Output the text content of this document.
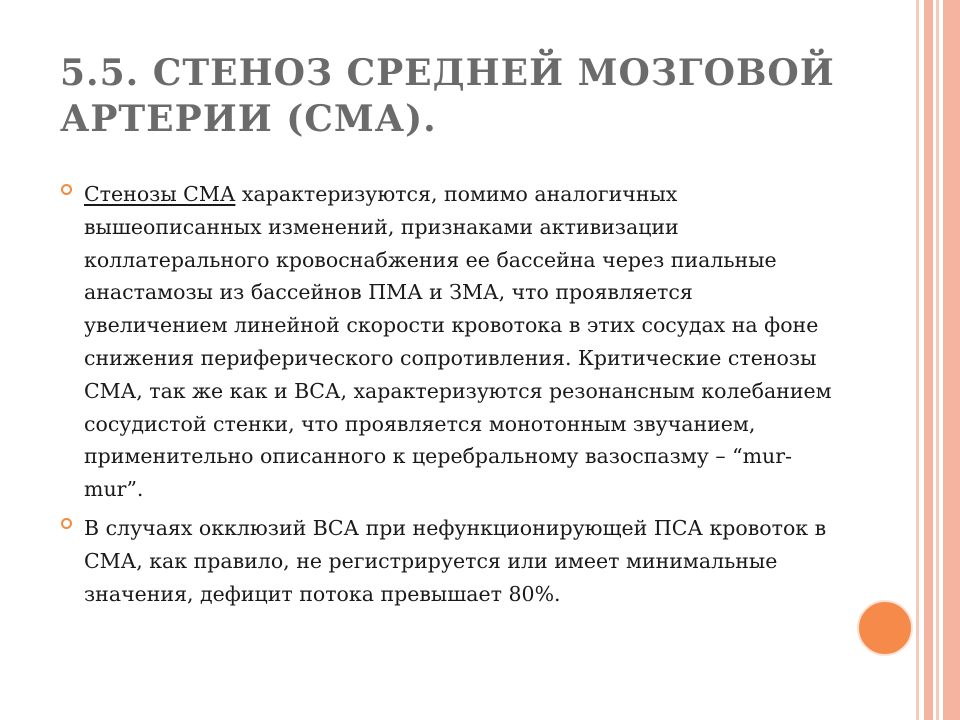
5.5. СТЕНОЗ СРЕДНЕЙ МОЗГОВОЙ АРТЕРИИ (СМА).
Стенозы СМА характеризуются, помимо аналогичных вышеописанных изменений, признаками активизации коллатерального кровоснабжения ее бассейна через пиальные анастамозы из бассейнов ПМА и ЗМА, что проявляется увеличением линейной скорости кровотока в этих сосудах на фоне снижения периферического сопротивления. Критические стенозы СМА, так же как и ВСА, характеризуются резонансным колебанием сосудистой стенки, что проявляется монотонным звучанием, применительно описанного к церебральному вазоспазму – “mur-mur”.
В случаях окклюзий ВСА при нефункционирующей ПСА кровоток в СМА, как правило, не регистрируется или имеет минимальные значения, дефицит потока превышает 80%.
